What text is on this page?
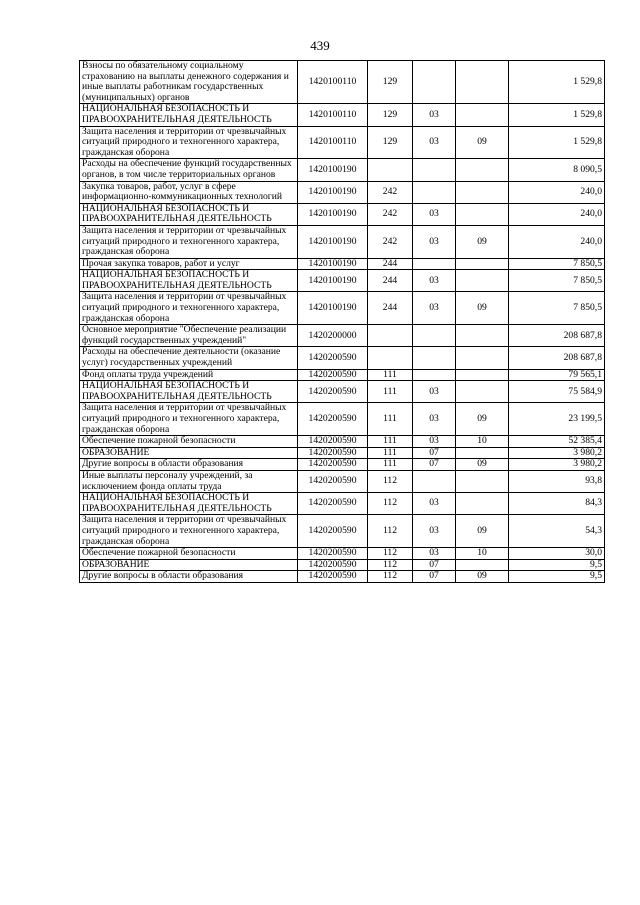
439
Взносы по обязательному социальному страхованию на выплаты денежного содержания и иные выплаты работникам государственных (муниципальных) органов	1420100110	129			1 529,8
НАЦИОНАЛЬНАЯ БЕЗОПАСНОСТЬ И ПРАВООХРАНИТЕЛЬНАЯ ДЕЯТЕЛЬНОСТЬ	1420100110	129	03		1 529,8
Защита населения и территории от чрезвычайных ситуаций природного и техногенного характера, гражданская оборона	1420100110	129	03	09	1 529,8
Расходы на обеспечение функций государственных органов, в том числе территориальных органов	1420100190				8 090,5
Закупка товаров, работ, услуг в сфере информационно-коммуникационных технологий	1420100190	242			240,0
НАЦИОНАЛЬНАЯ БЕЗОПАСНОСТЬ И ПРАВООХРАНИТЕЛЬНАЯ ДЕЯТЕЛЬНОСТЬ	1420100190	242	03		240,0
Защита населения и территории от чрезвычайных ситуаций природного и техногенного характера, гражданская оборона	1420100190	242	03	09	240,0
Прочая закупка товаров, работ и услуг	1420100190	244			7 850,5
НАЦИОНАЛЬНАЯ БЕЗОПАСНОСТЬ И ПРАВООХРАНИТЕЛЬНАЯ ДЕЯТЕЛЬНОСТЬ	1420100190	244	03		7 850,5
Защита населения и территории от чрезвычайных ситуаций природного и техногенного характера, гражданская оборона	1420100190	244	03	09	7 850,5
Основное мероприятие "Обеспечение реализации функций государственных учреждений"	1420200000				208 687,8
Расходы на обеспечение деятельности (оказание услуг) государственных учреждений	1420200590				208 687,8
Фонд оплаты труда учреждений	1420200590	111			79 565,1
НАЦИОНАЛЬНАЯ БЕЗОПАСНОСТЬ И ПРАВООХРАНИТЕЛЬНАЯ ДЕЯТЕЛЬНОСТЬ	1420200590	111	03		75 584,9
Защита населения и территории от чрезвычайных ситуаций природного и техногенного характера, гражданская оборона	1420200590	111	03	09	23 199,5
Обеспечение пожарной безопасности	1420200590	111	03	10	52 385,4
ОБРАЗОВАНИЕ	1420200590	111	07		3 980,2
Другие вопросы в области образования	1420200590	111	07	09	3 980,2
Иные выплаты персоналу учреждений, за исключением фонда оплаты труда	1420200590	112			93,8
НАЦИОНАЛЬНАЯ БЕЗОПАСНОСТЬ И ПРАВООХРАНИТЕЛЬНАЯ ДЕЯТЕЛЬНОСТЬ	1420200590	112	03		84,3
Защита населения и территории от чрезвычайных ситуаций природного и техногенного характера, гражданская оборона	1420200590	112	03	09	54,3
Обеспечение пожарной безопасности	1420200590	112	03	10	30,0
ОБРАЗОВАНИЕ	1420200590	112	07		9,5
Другие вопросы в области образования	1420200590	112	07	09	9,5
